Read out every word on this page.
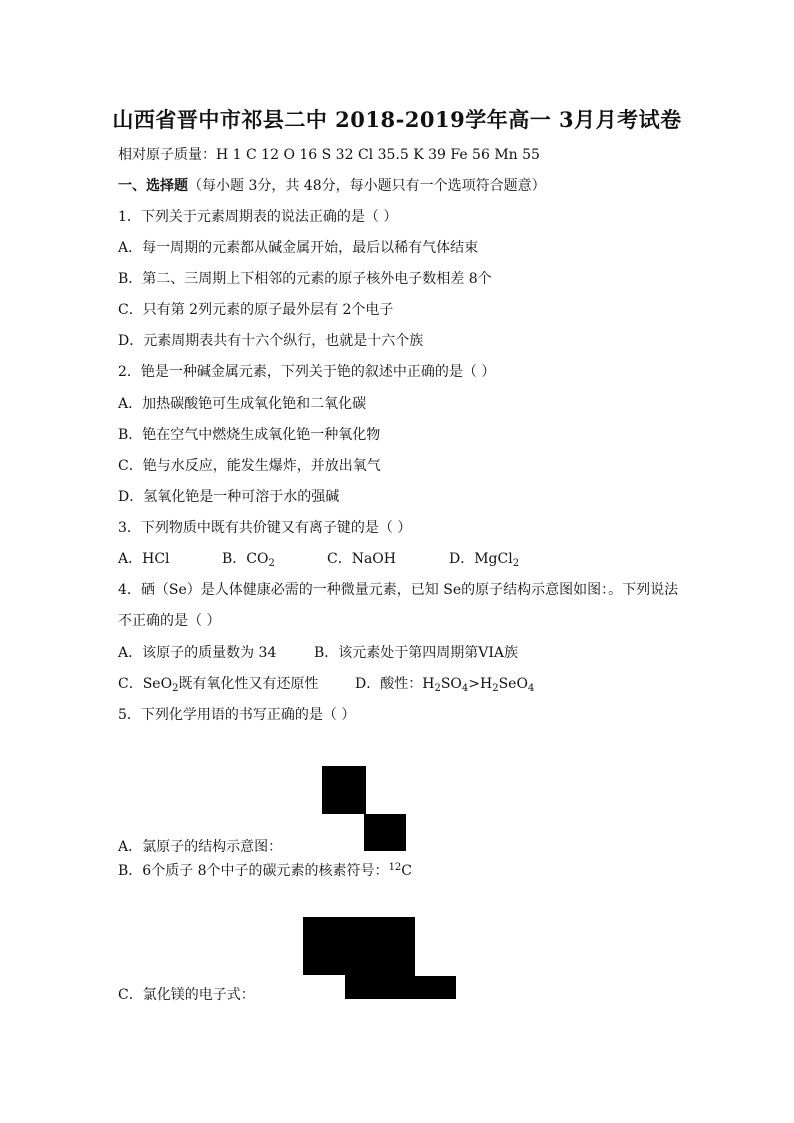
山西省晋中市祁县二中 2018-2019学年高一 3月月考试卷
相对原子质量：H 1 C 12 O 16 S 32 Cl 35.5 K 39 Fe 56 Mn 55
一、选择题（每小题 3分，共 48分，每小题只有一个选项符合题意）
1．下列关于元素周期表的说法正确的是（ ）
A．每一周期的元素都从碱金属开始，最后以稀有气体结束
B．第二、三周期上下相邻的元素的原子核外电子数相差 8个
C．只有第 2列元素的原子最外层有 2个电子
D．元素周期表共有十六个纵行，也就是十六个族
2．铯是一种碱金属元素，下列关于铯的叙述中正确的是（ ）
A．加热碳酸铯可生成氧化铯和二氧化碳
B．铯在空气中燃烧生成氧化铯一种氧化物
C．铯与水反应，能发生爆炸，并放出氧气
D．氢氧化铯是一种可溶于水的强碱
3．下列物质中既有共价键又有离子键的是（ ）
A．HCl	B．$CO_2$	C．NaOH	D．MgCl$_2$
4．硒（Se）是人体健康必需的一种微量元素，已知 Se的原子结构示意图如图：。下列说法
不正确的是（ ）
A．该原子的质量数为 34	B．该元素处于第四周期第VIA族
C．SeO$_2$既有氧化性又有还原性	D．酸性：$H_2SO_4>H_2SeO_4$
5．下列化学用语的书写正确的是（ ）
A．氯原子的结构示意图：
B．6个质子 8个中子的碳元素的核素符号：$^{12}$C
C．氯化镁的电子式：
